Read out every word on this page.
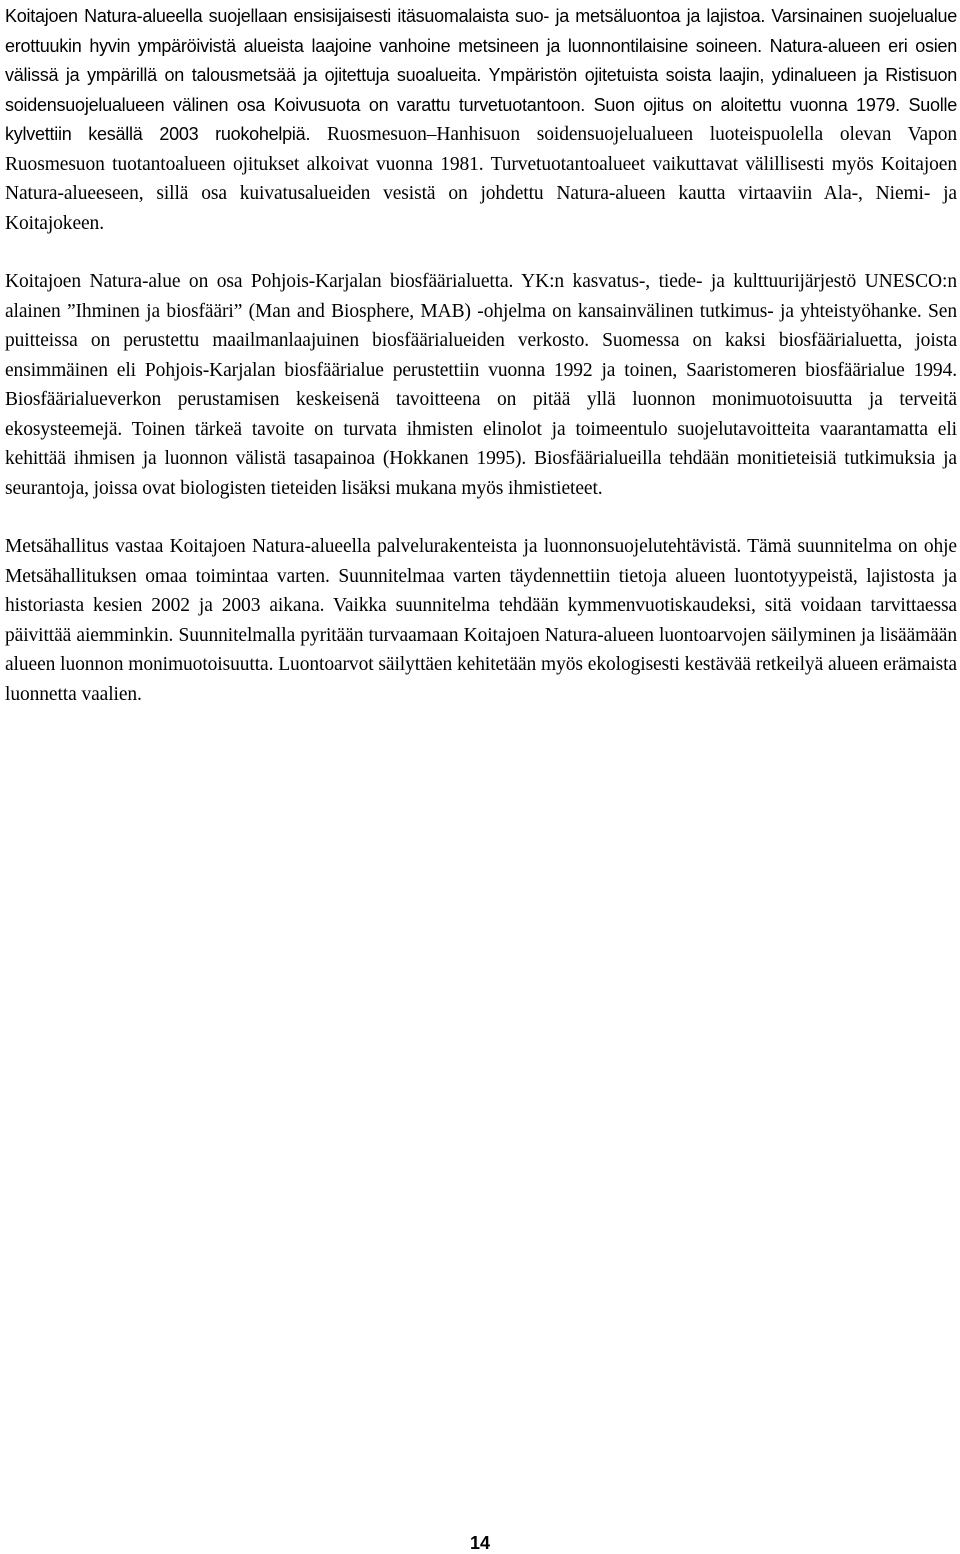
Koitajoen Natura-alueella suojellaan ensisijaisesti itäsuomalaista suo- ja metsäluontoa ja lajistoa. Varsinainen suojelualue erottuukin hyvin ympäröivistä alueista laajoine vanhoine metsineen ja luonnontilaisine soineen. Natura-alueen eri osien välissä ja ympärillä on talousmetsää ja ojitettuja suoalueita. Ympäristön ojitetuista soista laajin, ydinalueen ja Ristisuon soidensuojelualueen välinen osa Koivusuota on varattu turvetuotantoon. Suon ojitus on aloitettu vuonna 1979. Suolle kylvettiin kesällä 2003 ruokohelpiä. Ruosmesuon–Hanhisuon soidensuojelualueen luoteispuolella olevan Vapon Ruosmesuon tuotantoalueen ojitukset alkoivat vuonna 1981. Turvetuotantoalueet vaikuttavat välillisesti myös Koitajoen Natura-alueeseen, sillä osa kuivatusalueiden vesistä on johdettu Natura-alueen kautta virtaaviin Ala-, Niemi- ja Koitajokeen.

Koitajoen Natura-alue on osa Pohjois-Karjalan biosfäärialuetta. YK:n kasvatus-, tiede- ja kulttuurijärjestö UNESCO:n alainen ”Ihminen ja biosfääri” (Man and Biosphere, MAB) -ohjelma on kansainvälinen tutkimus- ja yhteistyöhanke. Sen puitteissa on perustettu maailmanlaajuinen biosfäärialueiden verkosto. Suomessa on kaksi biosfäärialuetta, joista ensimmäinen eli Pohjois-Karjalan biosfäärialue perustettiin vuonna 1992 ja toinen, Saaristomeren biosfäärialue 1994. Biosfäärialueverkon perustamisen keskeisenä tavoitteena on pitää yllä luonnon monimuotoisuutta ja terveitä ekosysteemejä. Toinen tärkeä tavoite on turvata ihmisten elinolot ja toimeentulo suojelutavoitteita vaarantamatta eli kehittää ihmisen ja luonnon välistä tasapainoa (Hokkanen 1995). Biosfäärialueilla tehdään monitieteisiä tutkimuksia ja seurantoja, joissa ovat biologisten tieteiden lisäksi mukana myös ihmistieteet.

Metsähallitus vastaa Koitajoen Natura-alueella palvelurakenteista ja luonnonsuojelutehtävistä. Tämä suunnitelma on ohje Metsähallituksen omaa toimintaa varten. Suunnitelmaa varten täydennettiin tietoja alueen luontotyypeistä, lajistosta ja historiasta kesien 2002 ja 2003 aikana. Vaikka suunnitelma tehdään kymmenvuotiskaudeksi, sitä voidaan tarvittaessa päivittää aiemminkin. Suunnitelmalla pyritään turvaamaan Koitajoen Natura-alueen luontoarvojen säilyminen ja lisäämään alueen luonnon monimuotoisuutta. Luontoarvot säilyttäen kehitetään myös ekologisesti kestävää retkeilyä alueen erämaista luonnetta vaalien.

14
